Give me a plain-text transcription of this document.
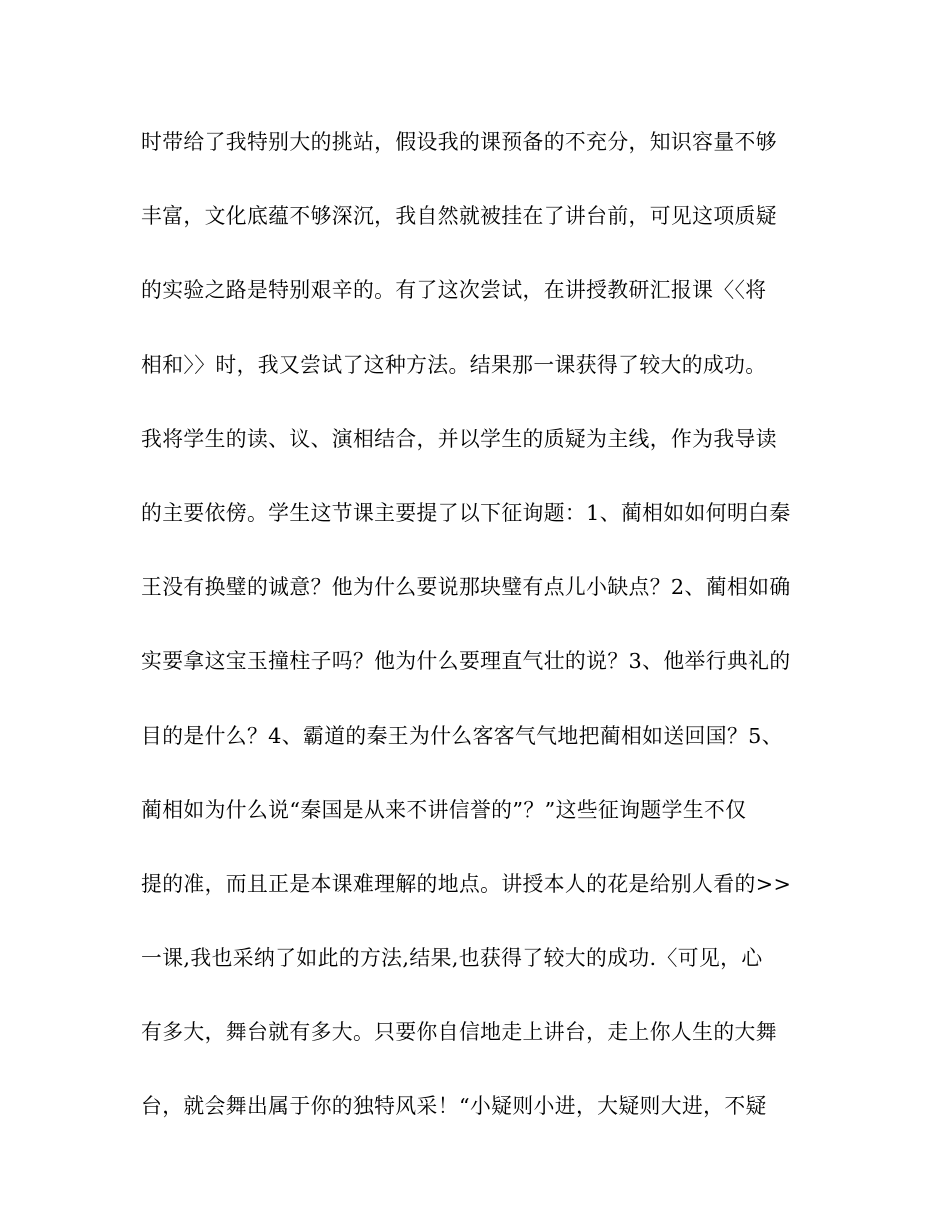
时带给了我特别大的挑站，假设我的课预备的不充分，知识容量不够
丰富，文化底蕴不够深沉，我自然就被挂在了讲台前，可见这项质疑
的实验之路是特别艰辛的。有了这次尝试，在讲授教研汇报课〈〈将
相和〉〉时，我又尝试了这种方法。结果那一课获得了较大的成功。
我将学生的读、议、演相结合，并以学生的质疑为主线，作为我导读
的主要依傍。学生这节课主要提了以下征询题：1、蔺相如如何明白秦
王没有换璧的诚意？他为什么要说那块璧有点儿小缺点？2、蔺相如确
实要拿这宝玉撞柱子吗？他为什么要理直气壮的说？3、他举行典礼的
目的是什么？4、霸道的秦王为什么客客气气地把蔺相如送回国？5、
蔺相如为什么说“秦国是从来不讲信誉的”？”这些征询题学生不仅
提的准，而且正是本课难理解的地点。讲授本人的花是给别人看的>>
一课,我也采纳了如此的方法,结果,也获得了较大的成功.〈可见，心
有多大，舞台就有多大。只要你自信地走上讲台，走上你人生的大舞
台，就会舞出属于你的独特风采！“小疑则小进，大疑则大进，不疑
